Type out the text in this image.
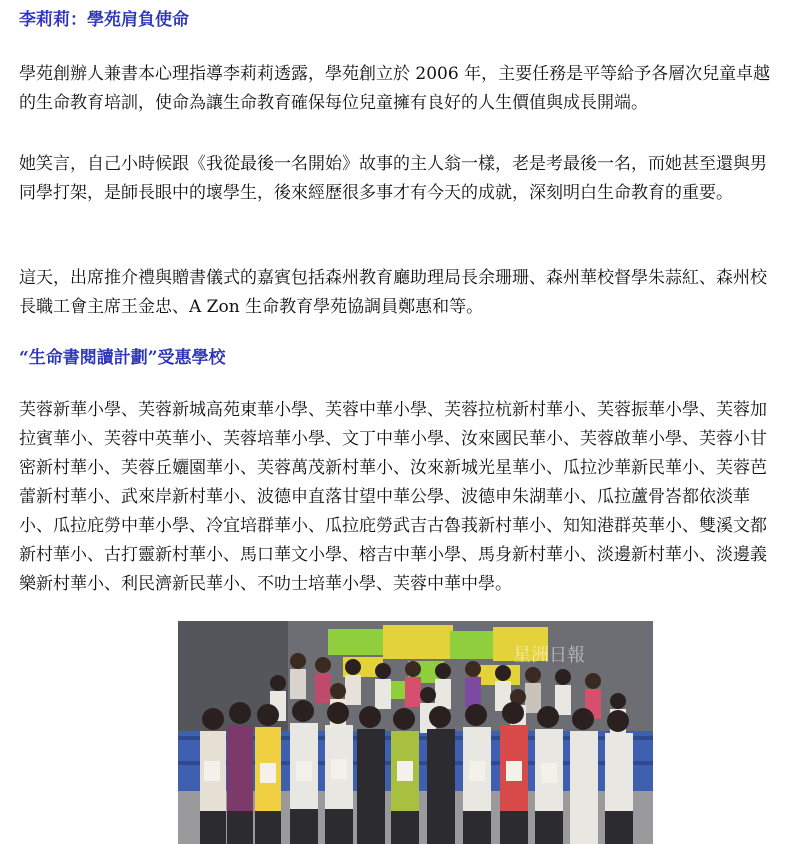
李莉莉：學苑肩負使命

學苑創辦人兼書本心理指導李莉莉透露，學苑創立於 2006 年，主要任務是平等給予各層次兒童卓越的生命教育培訓，使命為讓生命教育確保每位兒童擁有良好的人生價值與成長開端。

她笑言，自己小時候跟《我從最後一名開始》故事的主人翁一樣，老是考最後一名，而她甚至還與男同學打架，是師長眼中的壞學生，後來經歷很多事才有今天的成就，深刻明白生命教育的重要。

這天，出席推介禮與贈書儀式的嘉賓包括森州教育廳助理局長余珊珊、森州華校督學朱蒜紅、森州校長職工會主席王金忠、A Zon 生命教育學苑協調員鄭惠和等。

“生命書閱讀計劃”受惠學校

芙蓉新華小學、芙蓉新城高苑東華小學、芙蓉中華小學、芙蓉拉杭新村華小、芙蓉振華小學、芙蓉加拉賓華小、芙蓉中英華小、芙蓉培華小學、文丁中華小學、汝來國民華小、芙蓉啟華小學、芙蓉小甘密新村華小、芙蓉丘孋園華小、芙蓉萬茂新村華小、汝來新城光星華小、瓜拉沙華新民華小、芙蓉芭蕾新村華小、武來岸新村華小、波德申直落甘望中華公學、波德申朱湖華小、瓜拉蘆骨峇都依淡華小、瓜拉庇勞中華小學、冷宜培群華小、瓜拉庇勞武吉古魯莪新村華小、知知港群英華小、雙溪文都新村華小、古打靈新村華小、馬口華文小學、榕吉中華小學、馬身新村華小、淡邊新村華小、淡邊義樂新村華小、利民濟新民華小、不叻士培華小學、芙蓉中華中學。

星洲日報
